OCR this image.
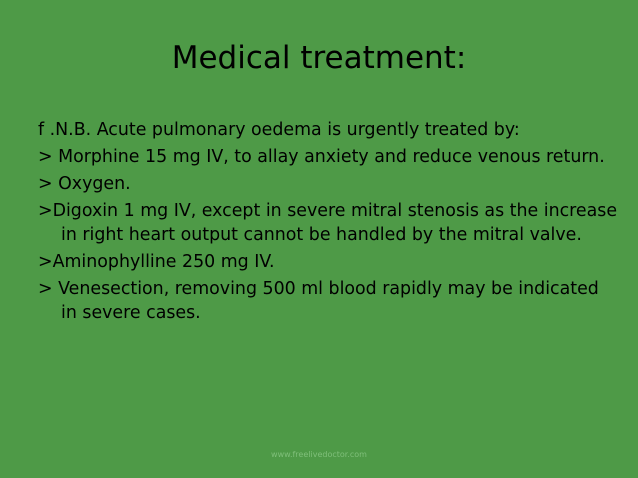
Medical treatment:
f .N.B. Acute pulmonary oedema is urgently treated by:
> Morphine 15 mg IV, to allay anxiety and reduce venous return.
> Oxygen.
>Digoxin 1 mg IV, except in severe mitral stenosis as the increase in right heart output cannot be handled by the mitral valve.
>Aminophylline 250 mg IV.
> Venesection, removing 500 ml blood rapidly may be indicated in severe cases.
www.freelivedoctor.com
